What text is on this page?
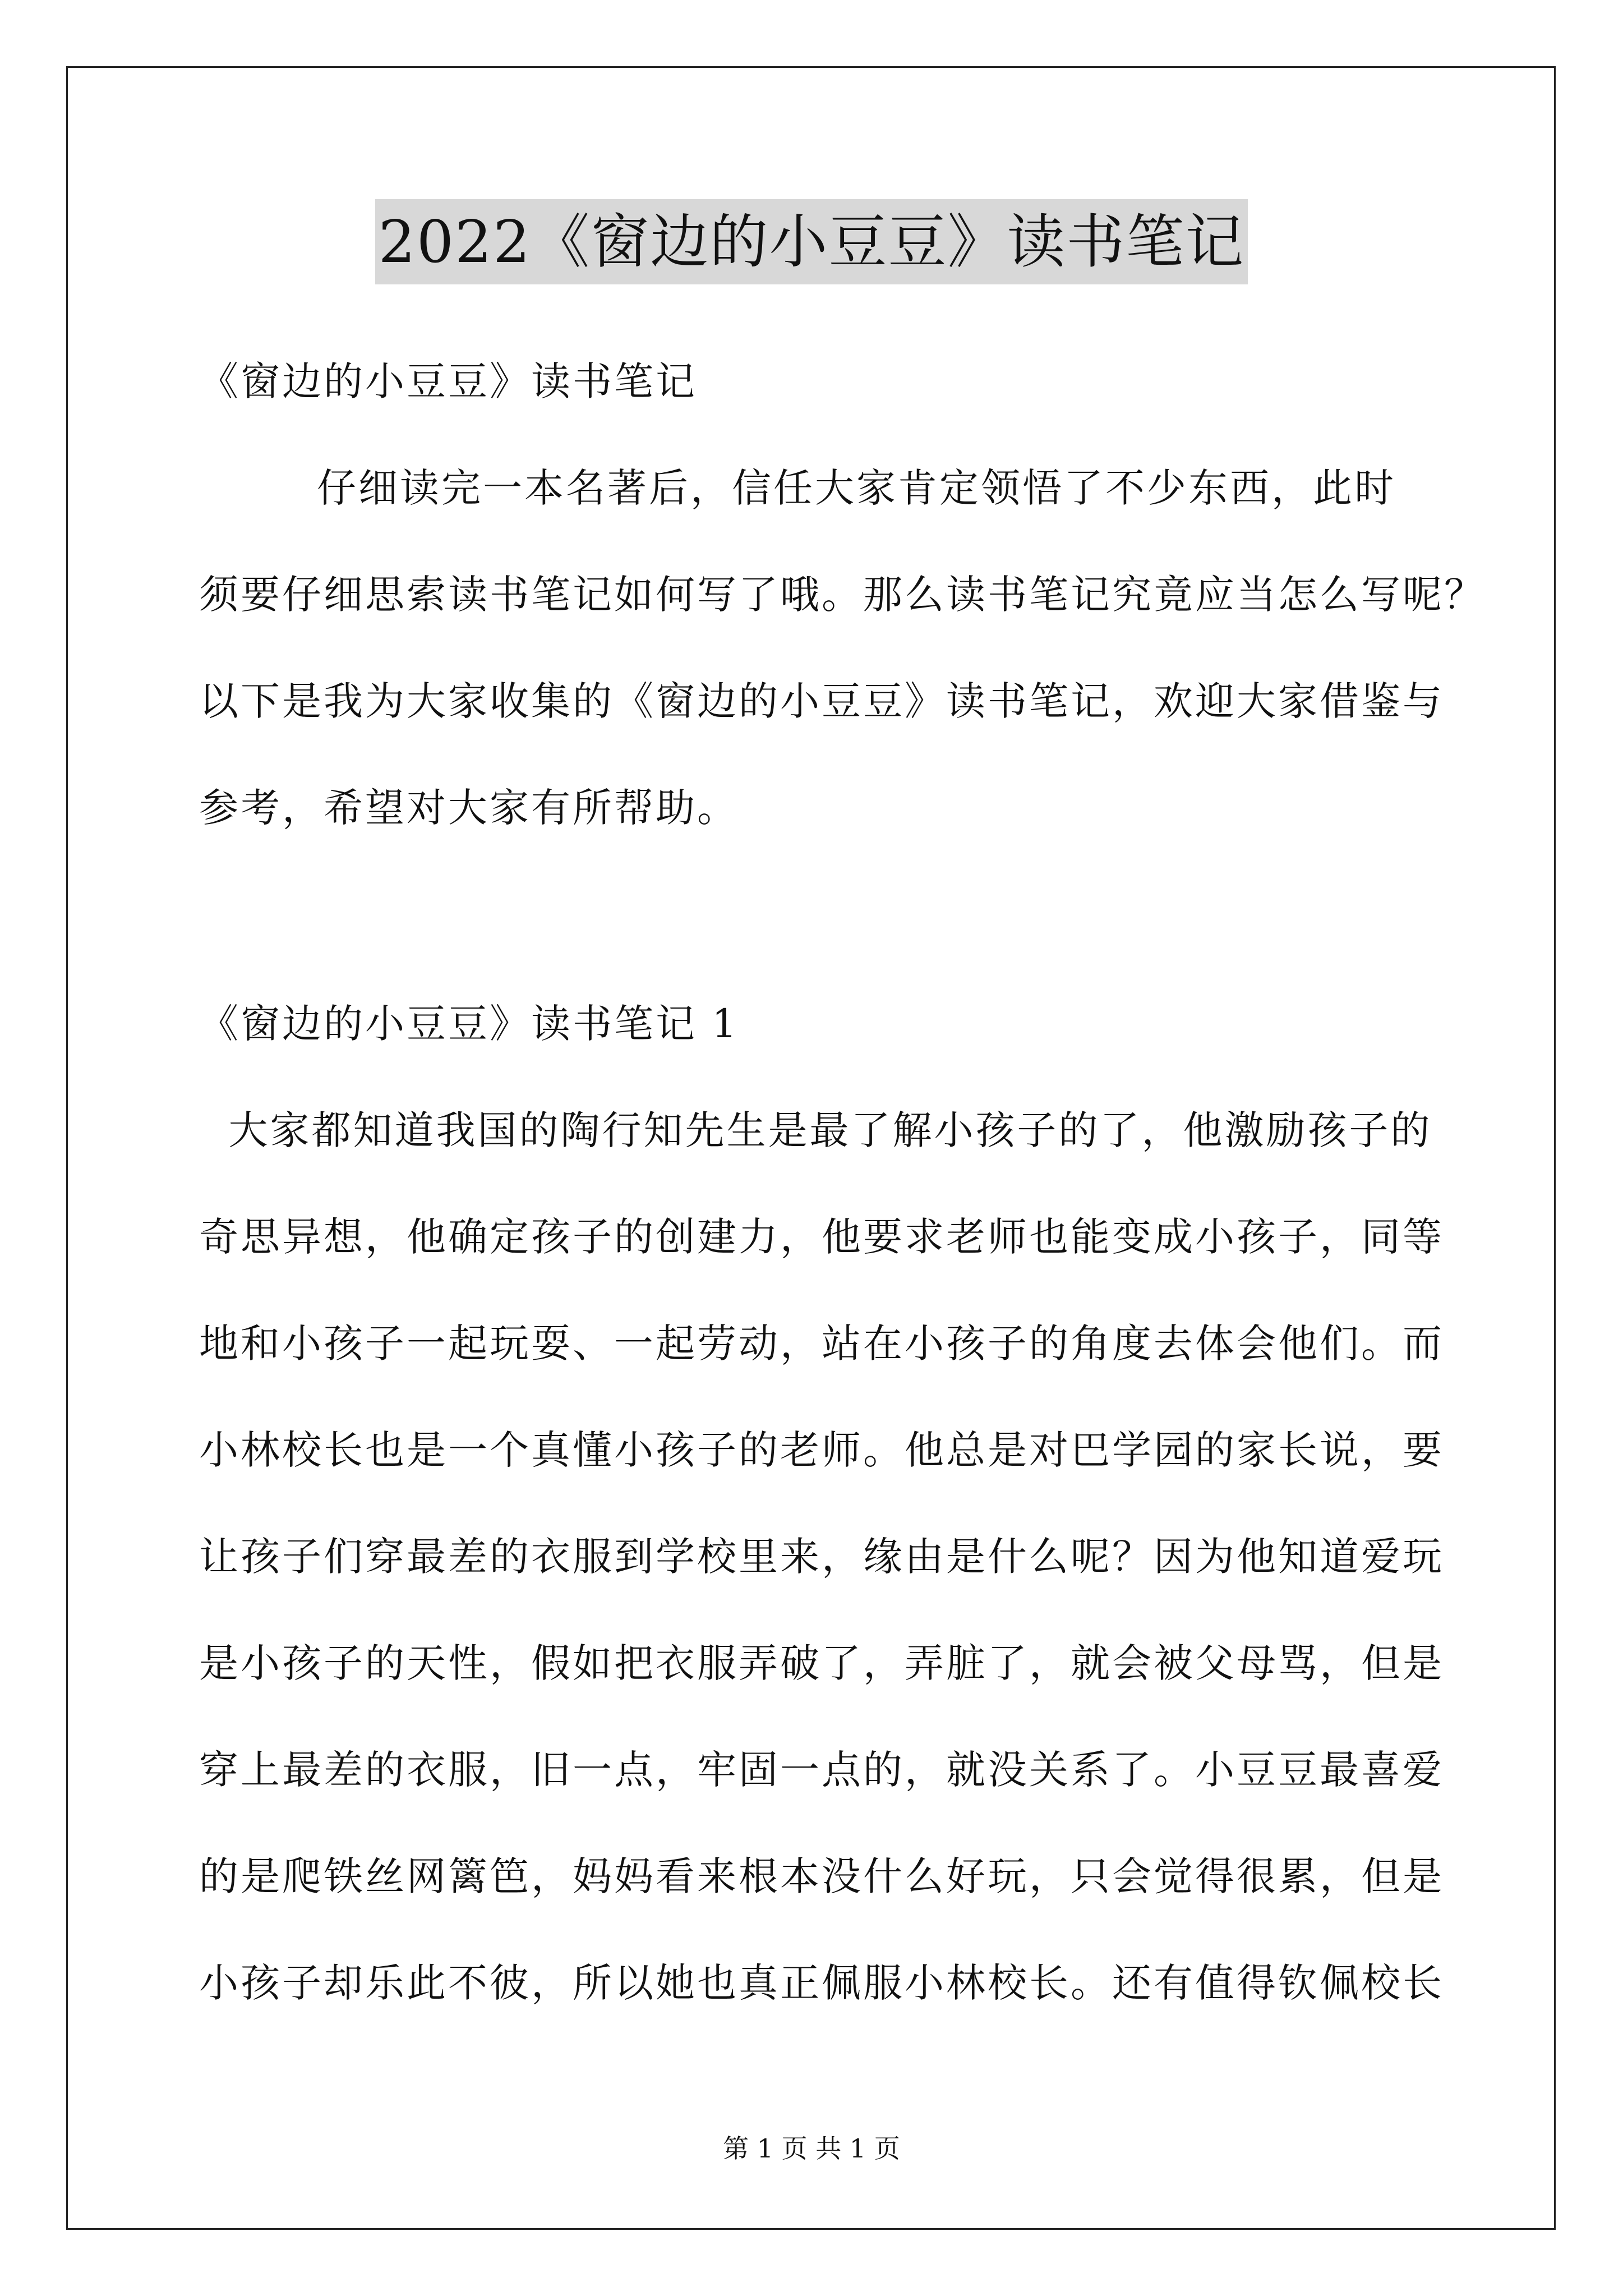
2022《窗边的小豆豆》读书笔记
《窗边的小豆豆》读书笔记
仔细读完一本名著后，信任大家肯定领悟了不少东西，此时
须要仔细思索读书笔记如何写了哦。那么读书笔记究竟应当怎么写呢？
以下是我为大家收集的《窗边的小豆豆》读书笔记，欢迎大家借鉴与
参考，希望对大家有所帮助。
《窗边的小豆豆》读书笔记 1
大家都知道我国的陶行知先生是最了解小孩子的了，他激励孩子的
奇思异想，他确定孩子的创建力，他要求老师也能变成小孩子，同等
地和小孩子一起玩耍、一起劳动，站在小孩子的角度去体会他们。而
小林校长也是一个真懂小孩子的老师。他总是对巴学园的家长说，要
让孩子们穿最差的衣服到学校里来，缘由是什么呢？因为他知道爱玩
是小孩子的天性，假如把衣服弄破了，弄脏了，就会被父母骂，但是
穿上最差的衣服，旧一点，牢固一点的，就没关系了。小豆豆最喜爱
的是爬铁丝网篱笆，妈妈看来根本没什么好玩，只会觉得很累，但是
小孩子却乐此不彼，所以她也真正佩服小林校长。还有值得钦佩校长
第 1 页 共 1 页
